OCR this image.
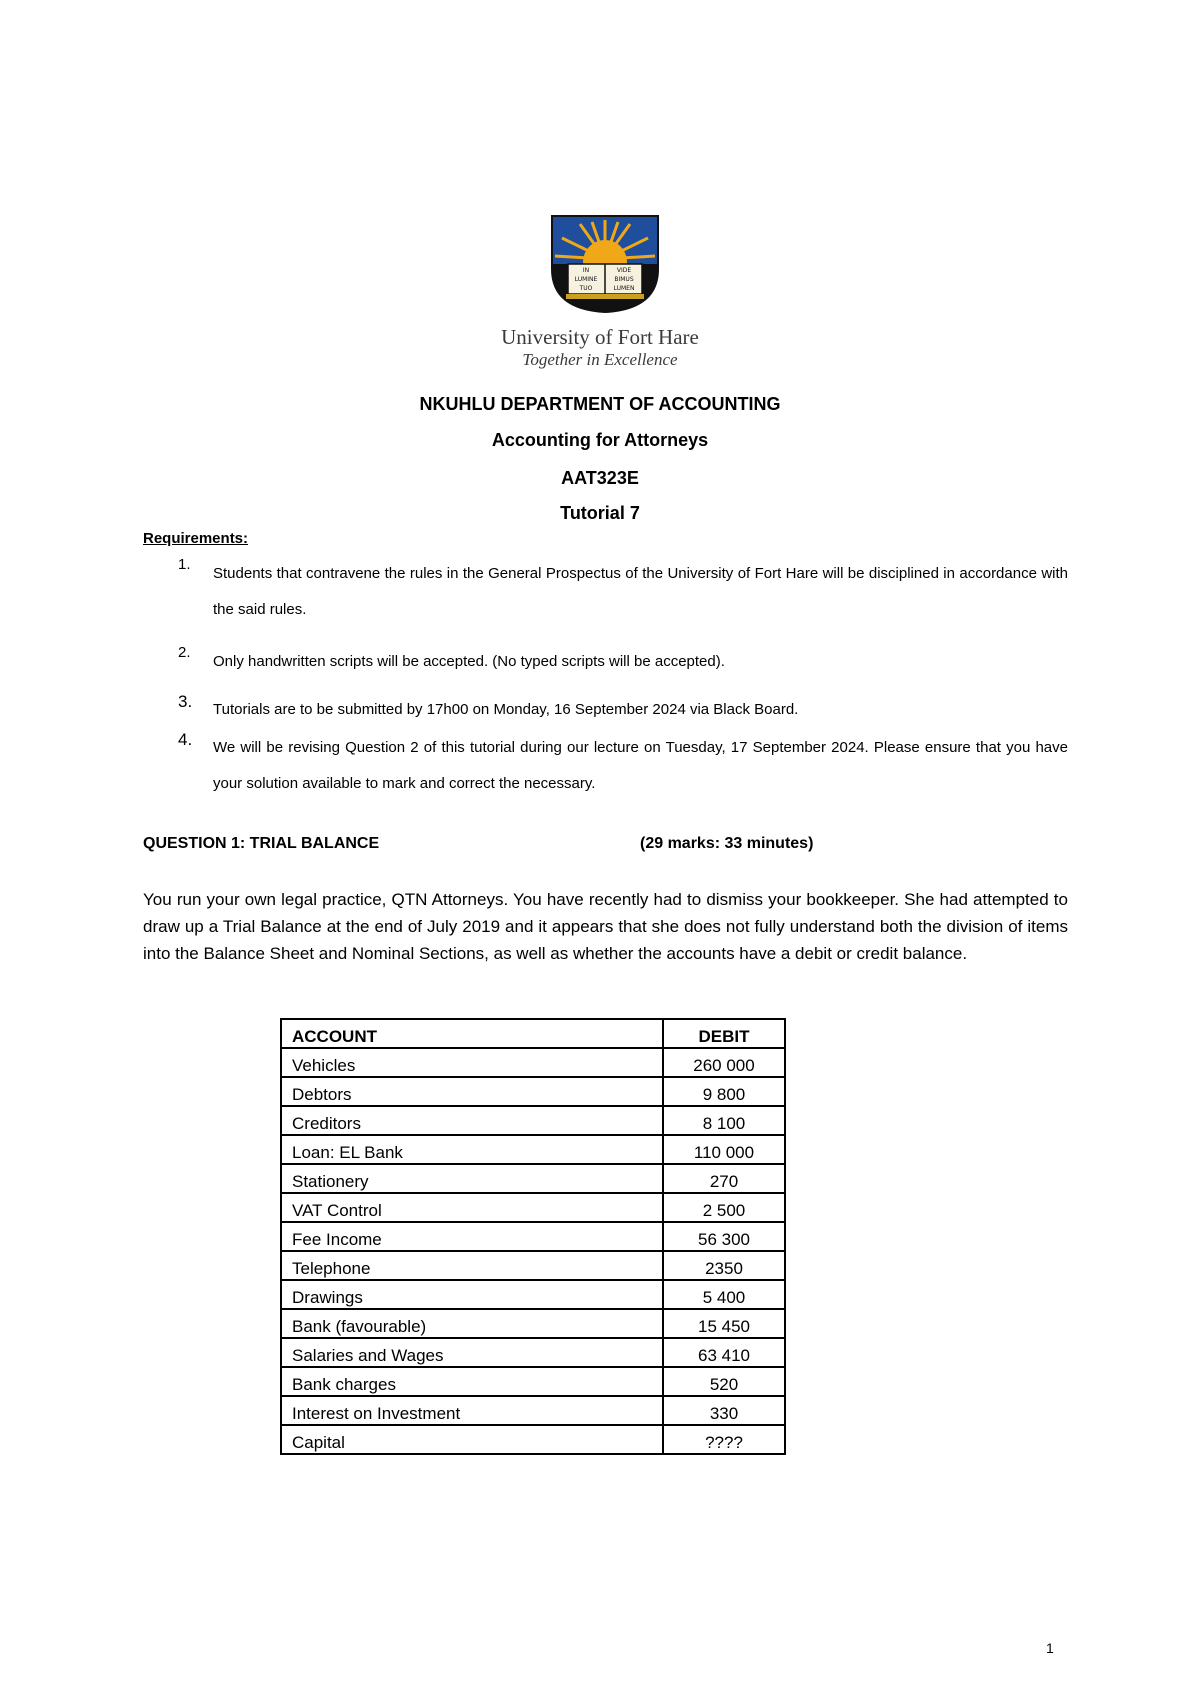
IN
LUMINE
TUO
VIDE
BIMUS
LUMEN
University of Fort Hare
Together in Excellence
NKUHLU DEPARTMENT OF ACCOUNTING
Accounting for Attorneys
AAT323E
Tutorial 7
Requirements:
1.
Students that contravene the rules in the General Prospectus of the University of Fort Hare will be disciplined in accordance with the said rules.
2.
Only handwritten scripts will be accepted. (No typed scripts will be accepted).
3. Tutorials are to be submitted by 17h00 on Monday, 16 September 2024 via Black Board.
4. We will be revising Question 2 of this tutorial during our lecture on Tuesday, 17 September 2024. Please ensure that you have your solution available to mark and correct the necessary.
QUESTION 1: TRIAL BALANCE	(29 marks: 33 minutes)
You run your own legal practice, QTN Attorneys. You have recently had to dismiss your bookkeeper. She had attempted to draw up a Trial Balance at the end of July 2019 and it appears that she does not fully understand both the division of items into the Balance Sheet and Nominal Sections, as well as whether the accounts have a debit or credit balance.
ACCOUNT	DEBIT
Vehicles	260 000
Debtors	9 800
Creditors	8 100
Loan: EL Bank	110 000
Stationery	270
VAT Control	2 500
Fee Income	56 300
Telephone	2350
Drawings	5 400
Bank (favourable)	15 450
Salaries and Wages	63 410
Bank charges	520
Interest on Investment	330
Capital	????
1
